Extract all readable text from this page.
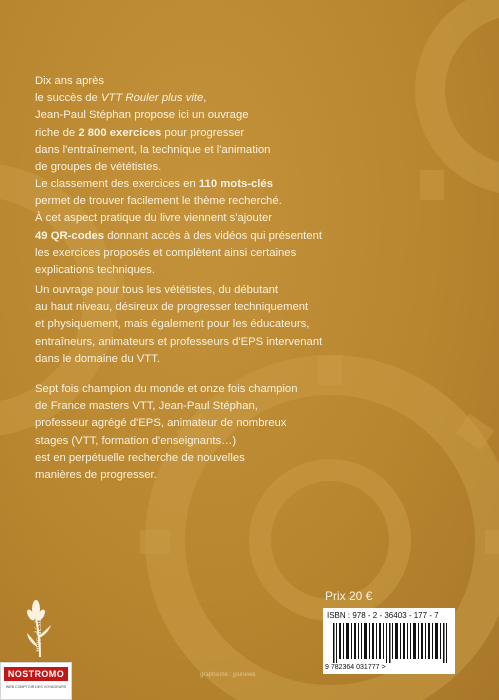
Dix ans après
le succès de VTT Rouler plus vite,
Jean-Paul Stéphan propose ici un ouvrage
riche de 2 800 exercices pour progresser
dans l'entraînement, la technique et l'animation
de groupes de vététistes.
Le classement des exercices en 110 mots-clés
permet de trouver facilement le thème recherché.
À cet aspect pratique du livre viennent s'ajouter
49 QR-codes donnant accès à des vidéos qui présentent
les exercices proposés et complètent ainsi certaines
explications techniques.
Un ouvrage pour tous les vététistes, du débutant
au haut niveau, désireux de progresser techniquement
et physiquement, mais également pour les éducateurs,
entraîneurs, animateurs et professeurs d'EPS intervenant
dans le domaine du VTT.
Sept fois champion du monde et onze fois champion
de France masters VTT, Jean-Paul Stéphan,
professeur agrégé d'EPS, animateur de nombreux
stages (VTT, formation d'enseignants…)
est en perpétuelle recherche de nouvelles
manières de progresser.
mes désirs
Prix 20 €
ISBN : 978 - 2 - 36403 - 177 - 7
9 782364 031777 >
graphisme : jpuriewa
NOSTROMO
WEB COMPTOIR DES VOYAGEURS
